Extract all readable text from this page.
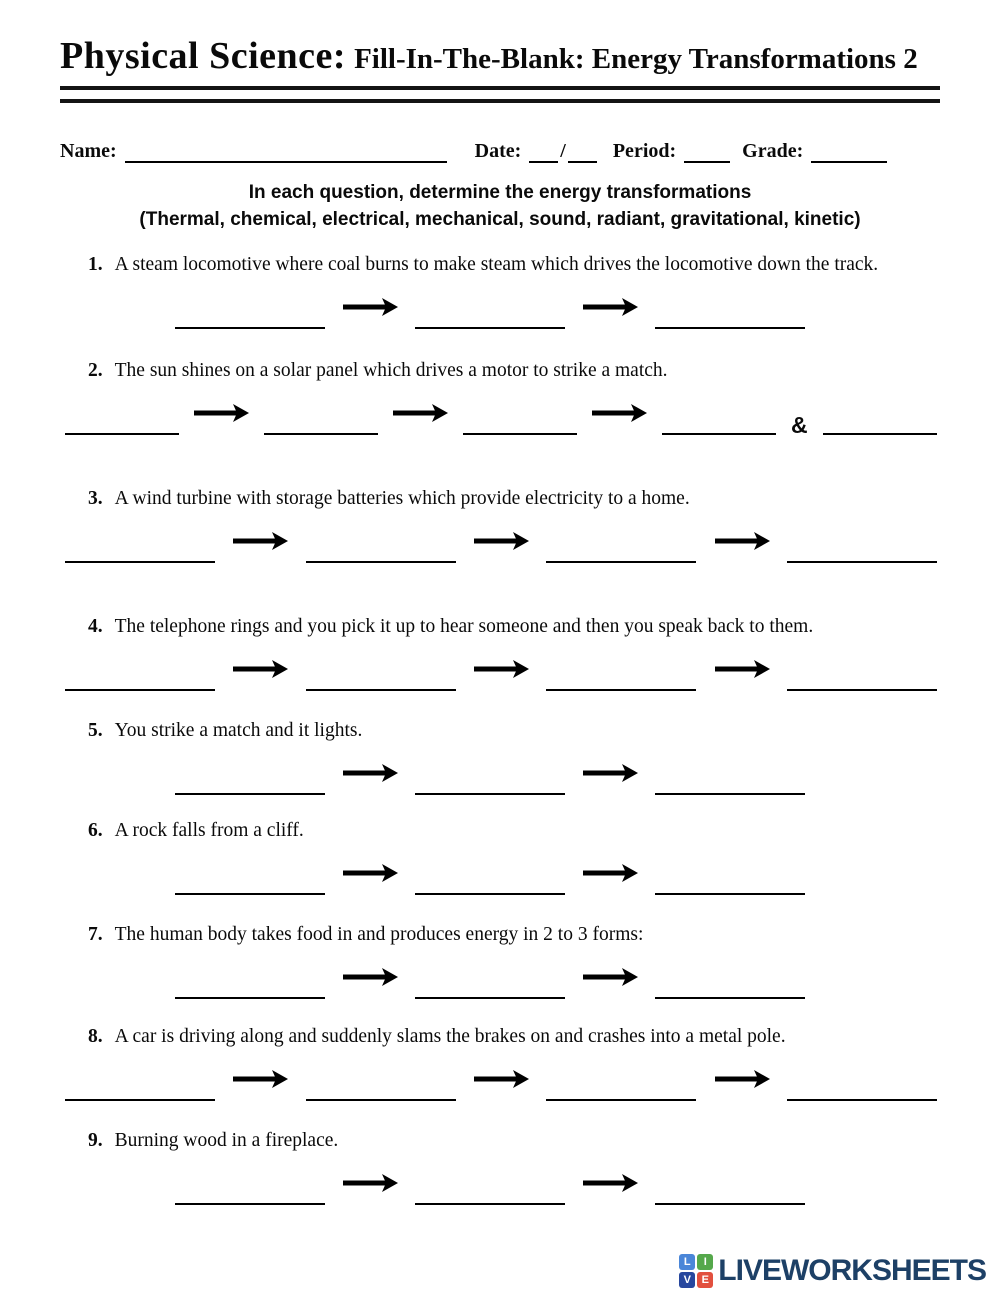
Physical Science: Fill-In-The-Blank: Energy Transformations 2
Name:	Date: / Period:	Grade:
In each question, determine the energy transformations
(Thermal, chemical, electrical, mechanical, sound, radiant, gravitational, kinetic)
1. A steam locomotive where coal burns to make steam which drives the locomotive down the track.
2. The sun shines on a solar panel which drives a motor to strike a match.
&
3. A wind turbine with storage batteries which provide electricity to a home.
4. The telephone rings and you pick it up to hear someone and then you speak back to them.
5. You strike a match and it lights.
6. A rock falls from a cliff.
7. The human body takes food in and produces energy in 2 to 3 forms:
8. A car is driving along and suddenly slams the brakes on and crashes into a metal pole.
9. Burning wood in a fireplace.
L	I
V E LIVEWORKSHEETS
